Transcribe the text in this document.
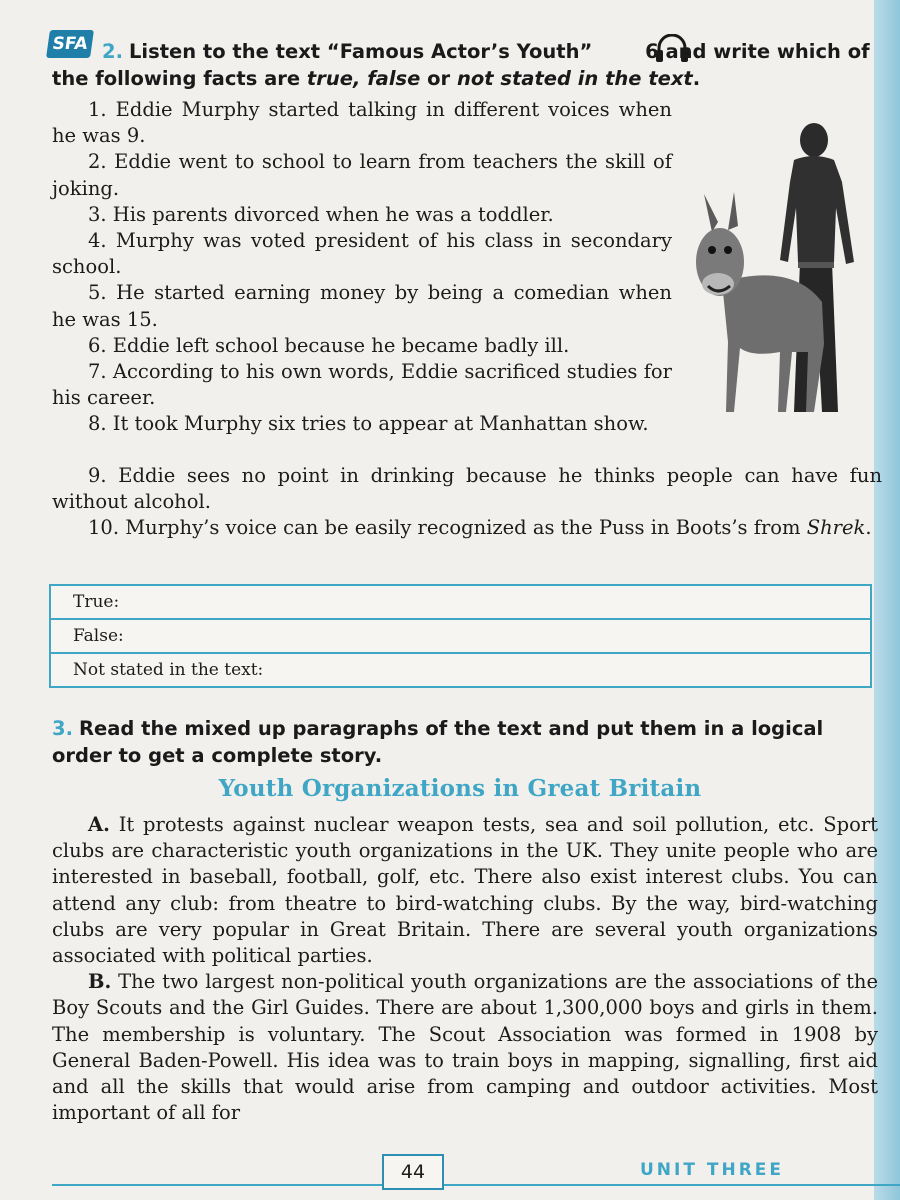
SFA 2. Listen to the text “Famous Actor’s Youth”	6 and write which of the following facts are true, false or not stated in the text.

1. Eddie Murphy started talking in different voices when he was 9.

2. Eddie went to school to learn from teachers the skill of joking.

3. His parents divorced when he was a toddler.

4. Murphy was voted president of his class in secondary school.

5. He started earning money by being a comedian when he was 15.

6. Eddie left school because he became badly ill.

7. According to his own words, Eddie sacrificed studies for his career.

8. It took Murphy six tries to appear at Manhattan show.

9. Eddie sees no point in drinking because he thinks people can have fun without alcohol.

10. Murphy’s voice can be easily recognized as the Puss in Boots’s from Shrek.

True:
False:
Not stated in the text:
3. Read the mixed up paragraphs of the text and put them in a logical order to get a complete story.
Youth Organizations in Great Britain

A. It protests against nuclear weapon tests, sea and soil pollution, etc. Sport clubs are characteristic youth organizations in the UK. They unite people who are interested in baseball, football, golf, etc. There also exist interest clubs. You can attend any club: from theatre to bird-watching clubs. By the way, bird-watching clubs are very popular in Great Britain. There are several youth organizations associated with political parties.

B. The two largest non-political youth organizations are the associations of the Boy Scouts and the Girl Guides. There are about 1,300,000 boys and girls in them. The membership is voluntary. The Scout Association was formed in 1908 by General Baden-Powell. His idea was to train boys in mapping, signalling, first aid and all the skills that would arise from camping and outdoor activities. Most important of all for

44	UNIT THREE
